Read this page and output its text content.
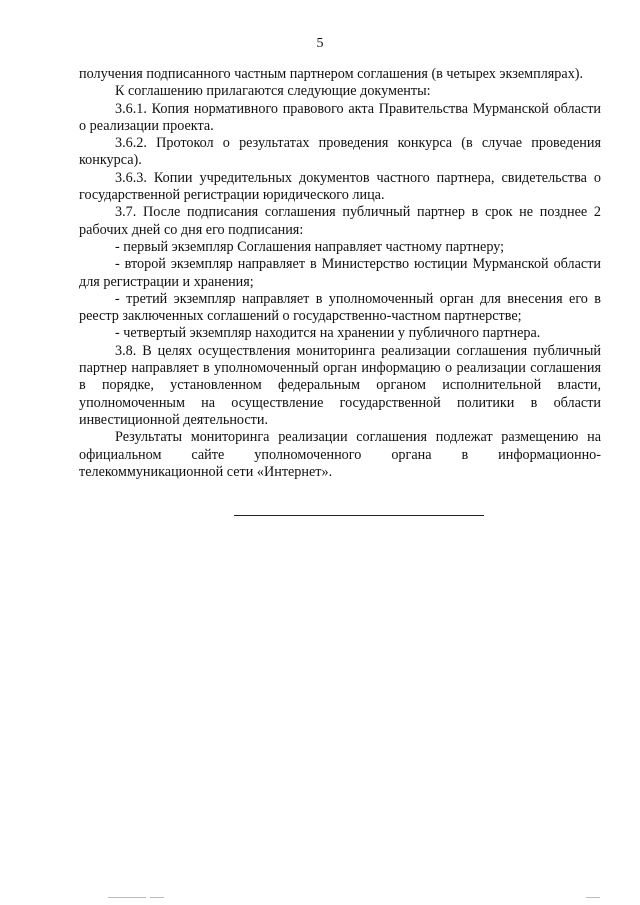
5

получения подписанного частным партнером соглашения (в четырех экземплярах).

К соглашению прилагаются следующие документы:

3.6.1. Копия нормативного правового акта Правительства Мурманской области о реализации проекта.

3.6.2. Протокол о результатах проведения конкурса (в случае проведения конкурса).

3.6.3. Копии учредительных документов частного партнера, свидетельства о государственной регистрации юридического лица.

3.7. После подписания соглашения публичный партнер в срок не позднее 2 рабочих дней со дня его подписания:

- первый экземпляр Соглашения направляет частному партнеру;

- второй экземпляр направляет в Министерство юстиции Мурманской области для регистрации и хранения;

- третий экземпляр направляет в уполномоченный орган для внесения его в реестр заключенных соглашений о государственно-частном партнерстве;

- четвертый экземпляр находится на хранении у публичного партнера.

3.8. В целях осуществления мониторинга реализации соглашения публичный партнер направляет в уполномоченный орган информацию о реализации соглашения в порядке, установленном федеральным органом исполнительной власти, уполномоченным на осуществление государственной политики в области инвестиционной деятельности.

Результаты мониторинга реализации соглашения подлежат размещению на официальном сайте уполномоченного органа в информационно-телекоммуникационной сети «Интернет».
